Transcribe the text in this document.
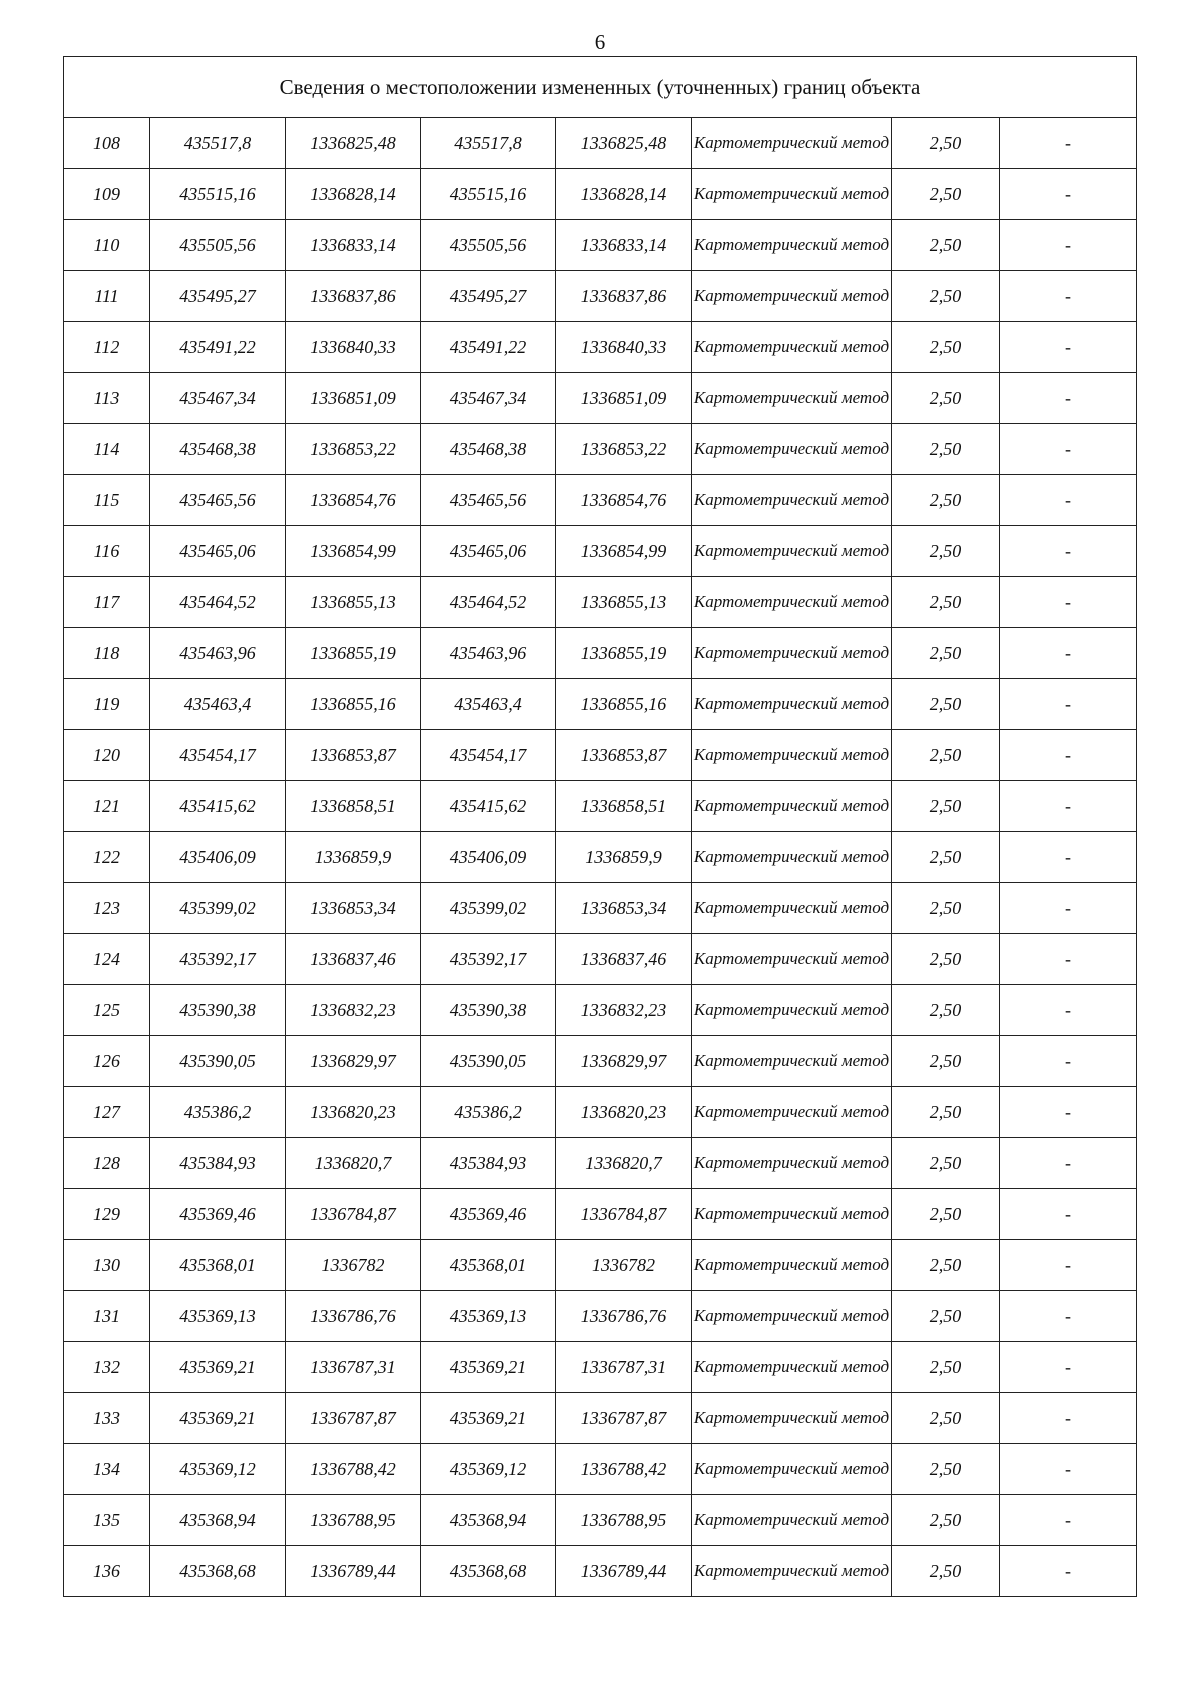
6
Сведения о местоположении измененных (уточненных) границ объекта							
108	435517,8	1336825,48	435517,8	1336825,48	Картометрический метод	2,50	-
109	435515,16	1336828,14	435515,16	1336828,14	Картометрический метод	2,50	-
110	435505,56	1336833,14	435505,56	1336833,14	Картометрический метод	2,50	-
111	435495,27	1336837,86	435495,27	1336837,86	Картометрический метод	2,50	-
112	435491,22	1336840,33	435491,22	1336840,33	Картометрический метод	2,50	-
113	435467,34	1336851,09	435467,34	1336851,09	Картометрический метод	2,50	-
114	435468,38	1336853,22	435468,38	1336853,22	Картометрический метод	2,50	-
115	435465,56	1336854,76	435465,56	1336854,76	Картометрический метод	2,50	-
116	435465,06	1336854,99	435465,06	1336854,99	Картометрический метод	2,50	-
117	435464,52	1336855,13	435464,52	1336855,13	Картометрический метод	2,50	-
118	435463,96	1336855,19	435463,96	1336855,19	Картометрический метод	2,50	-
119	435463,4	1336855,16	435463,4	1336855,16	Картометрический метод	2,50	-
120	435454,17	1336853,87	435454,17	1336853,87	Картометрический метод	2,50	-
121	435415,62	1336858,51	435415,62	1336858,51	Картометрический метод	2,50	-
122	435406,09	1336859,9	435406,09	1336859,9	Картометрический метод	2,50	-
123	435399,02	1336853,34	435399,02	1336853,34	Картометрический метод	2,50	-
124	435392,17	1336837,46	435392,17	1336837,46	Картометрический метод	2,50	-
125	435390,38	1336832,23	435390,38	1336832,23	Картометрический метод	2,50	-
126	435390,05	1336829,97	435390,05	1336829,97	Картометрический метод	2,50	-
127	435386,2	1336820,23	435386,2	1336820,23	Картометрический метод	2,50	-
128	435384,93	1336820,7	435384,93	1336820,7	Картометрический метод	2,50	-
129	435369,46	1336784,87	435369,46	1336784,87	Картометрический метод	2,50	-
130	435368,01	1336782	435368,01	1336782	Картометрический метод	2,50	-
131	435369,13	1336786,76	435369,13	1336786,76	Картометрический метод	2,50	-
132	435369,21	1336787,31	435369,21	1336787,31	Картометрический метод	2,50	-
133	435369,21	1336787,87	435369,21	1336787,87	Картометрический метод	2,50	-
134	435369,12	1336788,42	435369,12	1336788,42	Картометрический метод	2,50	-
135	435368,94	1336788,95	435368,94	1336788,95	Картометрический метод	2,50	-
136	435368,68	1336789,44	435368,68	1336789,44	Картометрический метод	2,50	-
